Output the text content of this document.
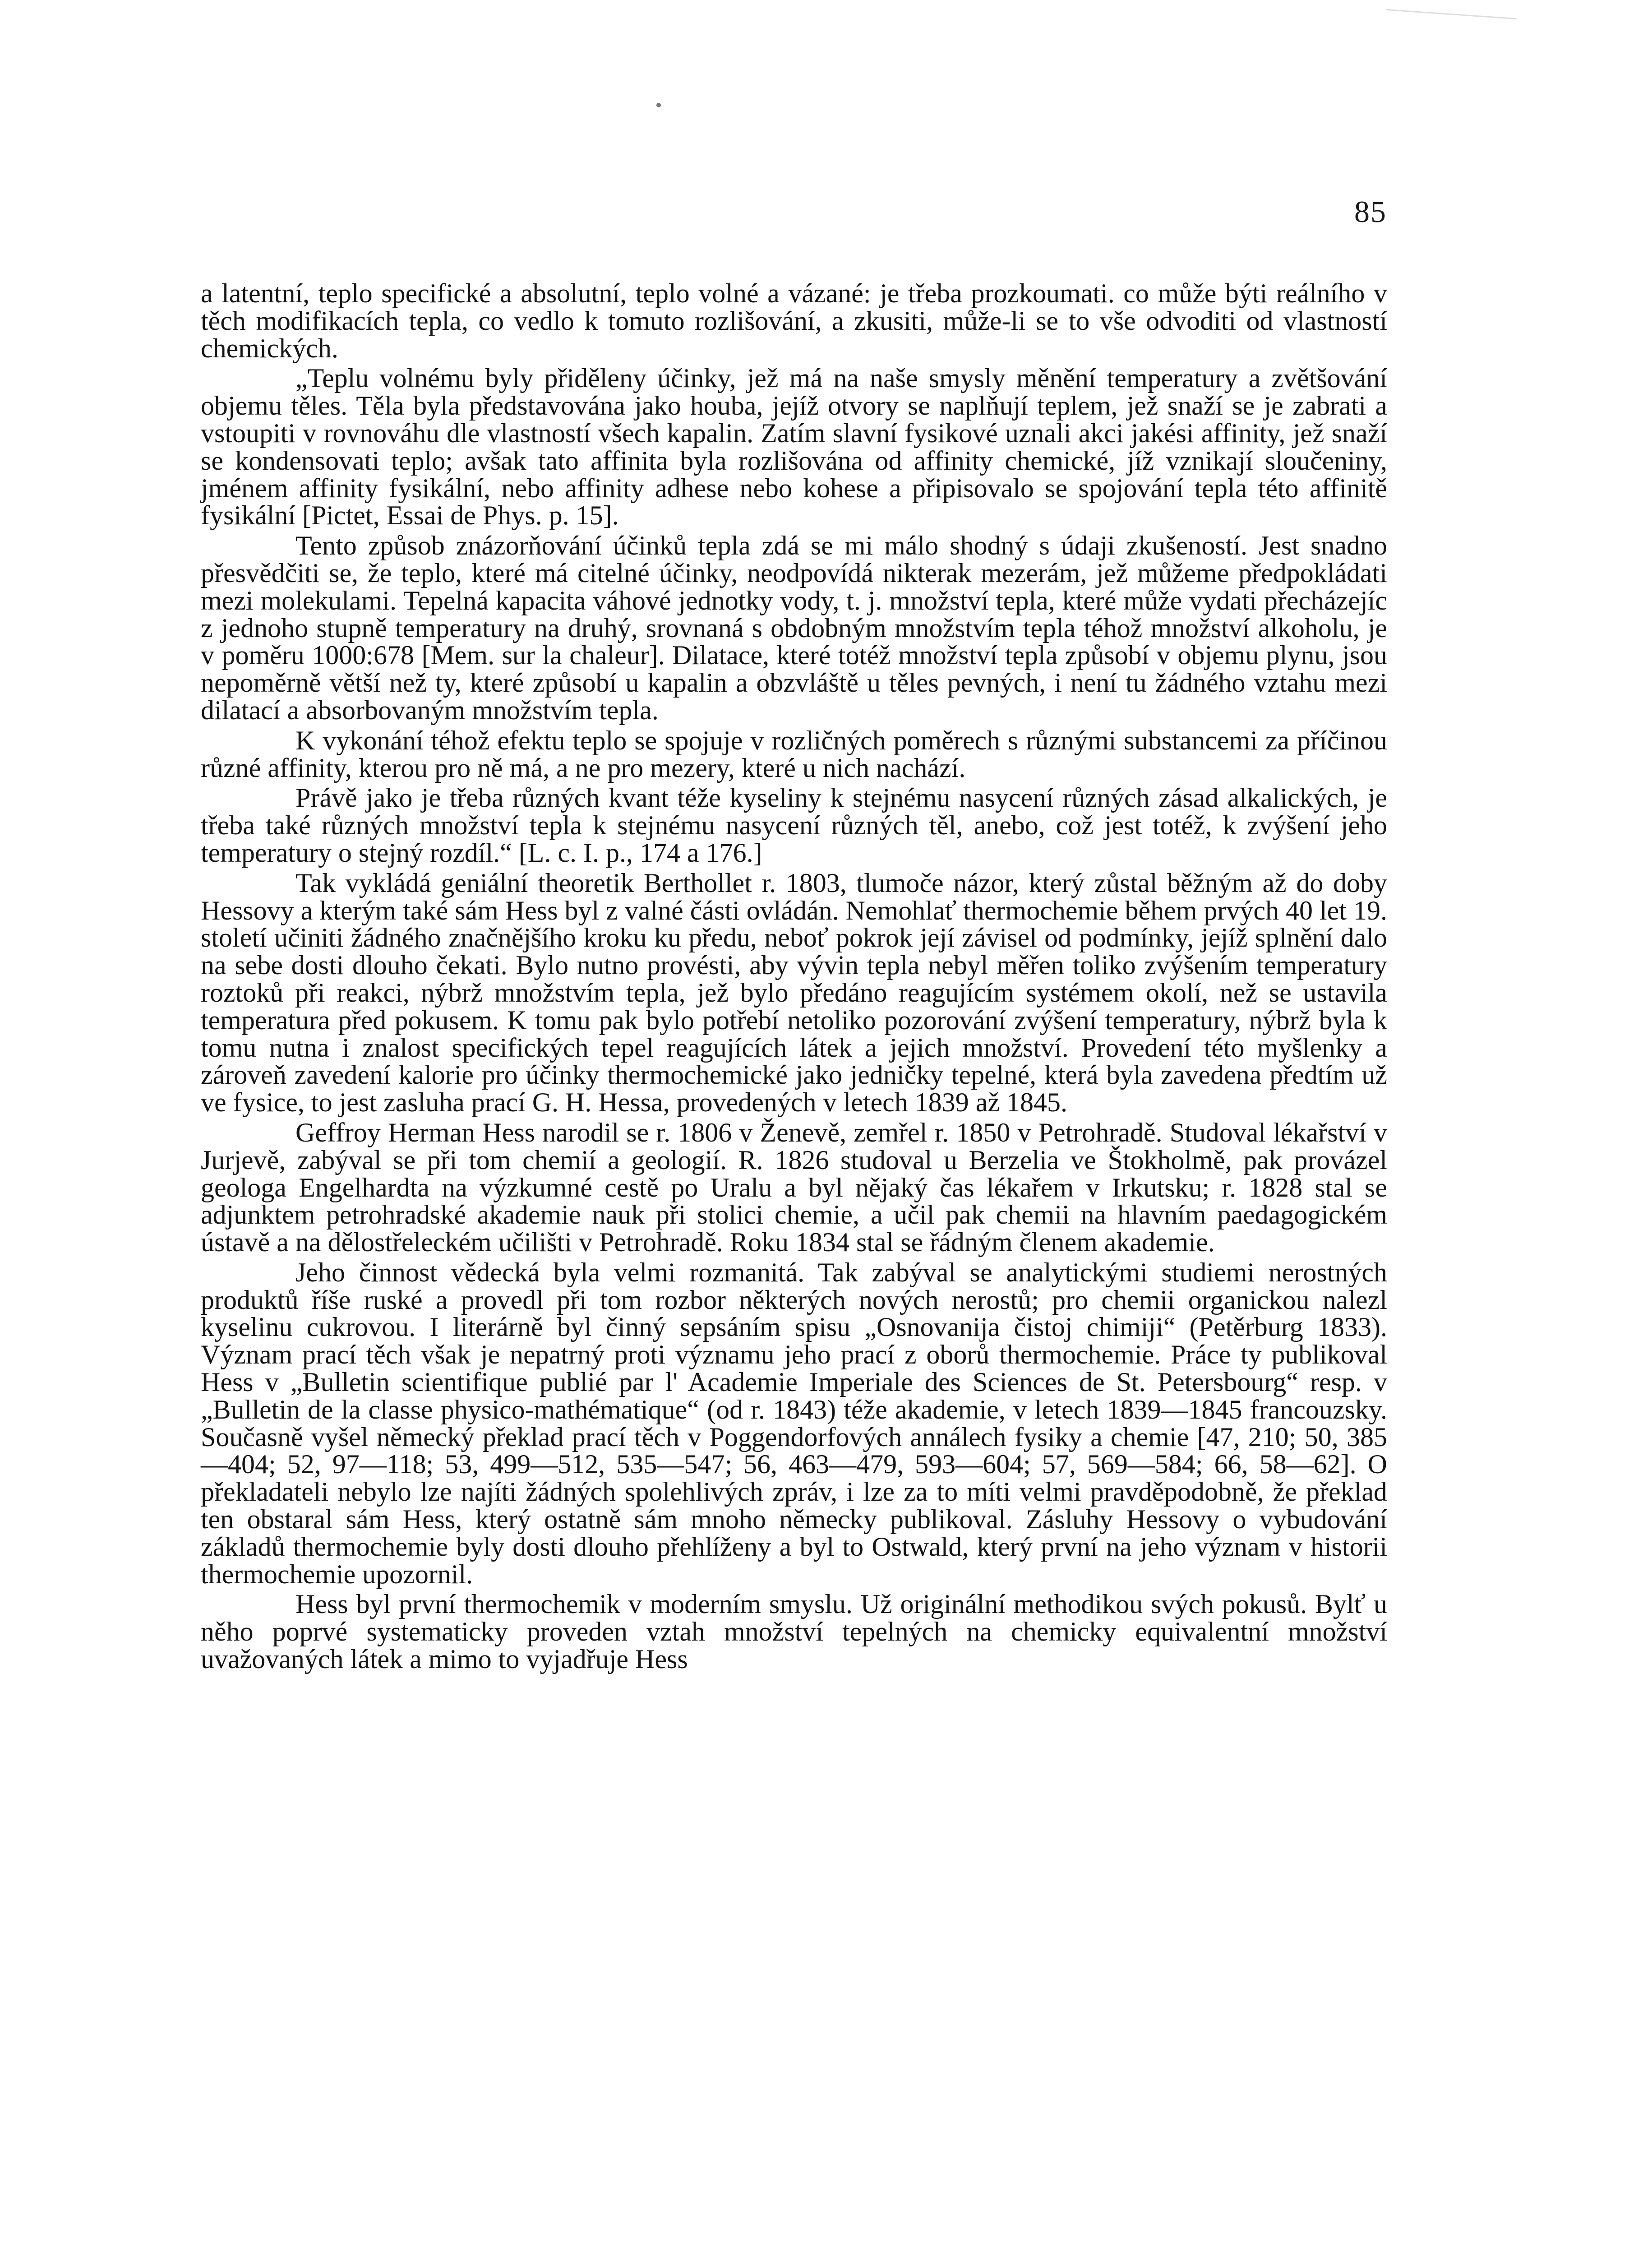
85

a latentní, teplo specifické a absolutní, teplo volné a vázané: je třeba prozkoumati. co může býti reálního v těch modifikacích tepla, co vedlo k tomuto rozlišování, a zkusiti, může-li se to vše odvoditi od vlastností chemických.

„Teplu volnému byly přiděleny účinky, jež má na naše smysly měnění temperatury a zvětšování objemu těles. Těla byla představována jako houba, jejíž otvory se naplňují teplem, jež snaží se je zabrati a vstoupiti v rovnováhu dle vlastností všech kapalin. Zatím slavní fysikové uznali akci jakési affinity, jež snaží se kondensovati teplo; avšak tato affinita byla rozlišována od affinity chemické, jíž vznikají sloučeniny, jménem affinity fysikální, nebo affinity adhese nebo kohese a připisovalo se spojování tepla této affinitě fysikální [Pictet, Essai de Phys. p. 15].

Tento způsob znázorňování účinků tepla zdá se mi málo shodný s údaji zkušeností. Jest snadno přesvědčiti se, že teplo, které má citelné účinky, neodpovídá nikterak mezerám, jež můžeme předpokládati mezi molekulami. Tepelná kapacita váhové jednotky vody, t. j. množství tepla, které může vydati přecházejíc z jednoho stupně temperatury na druhý, srovnaná s obdobným množstvím tepla téhož množství alkoholu, je v poměru 1000:678 [Mem. sur la chaleur]. Dilatace, které totéž množství tepla způsobí v objemu plynu, jsou nepoměrně větší než ty, které způsobí u kapalin a obzvláště u těles pevných, i není tu žádného vztahu mezi dilatací a absorbovaným množstvím tepla.

K vykonání téhož efektu teplo se spojuje v rozličných poměrech s různými substancemi za příčinou různé affinity, kterou pro ně má, a ne pro mezery, které u nich nachází.

Právě jako je třeba různých kvant téže kyseliny k stejnému nasycení různých zásad alkalických, je třeba také různých množství tepla k stejnému nasycení různých těl, anebo, což jest totéž, k zvýšení jeho temperatury o stejný rozdíl.“ [L. c. I. p., 174 a 176.]

Tak vykládá geniální theoretik Berthollet r. 1803, tlumoče názor, který zůstal běžným až do doby Hessovy a kterým také sám Hess byl z valné části ovládán. Nemohlať thermochemie během prvých 40 let 19. století učiniti žádného značnějšího kroku ku předu, neboť pokrok její závisel od podmínky, jejíž splnění dalo na sebe dosti dlouho čekati. Bylo nutno provésti, aby vývin tepla nebyl měřen toliko zvýšením temperatury roztoků při reakci, nýbrž množstvím tepla, jež bylo předáno reagujícím systémem okolí, než se ustavila temperatura před pokusem. K tomu pak bylo potřebí netoliko pozorování zvýšení temperatury, nýbrž byla k tomu nutna i znalost specifických tepel reagujících látek a jejich množství. Provedení této myšlenky a zároveň zavedení kalorie pro účinky thermochemické jako jedničky tepelné, která byla zavedena předtím už ve fysice, to jest zasluha prací G. H. Hessa, provedených v letech 1839 až 1845.

Geffroy Herman Hess narodil se r. 1806 v Ženevě, zemřel r. 1850 v Petrohradě. Studoval lékařství v Jurjevě, zabýval se při tom chemií a geologií. R. 1826 studoval u Berzelia ve Štokholmě, pak provázel geologa Engelhardta na výzkumné cestě po Uralu a byl nějaký čas lékařem v Irkutsku; r. 1828 stal se adjunktem petrohradské akademie nauk při stolici chemie, a učil pak chemii na hlavním paedagogickém ústavě a na dělostřeleckém učilišti v Petrohradě. Roku 1834 stal se řádným členem akademie.

Jeho činnost vědecká byla velmi rozmanitá. Tak zabýval se analytickými studiemi nerostných produktů říše ruské a provedl při tom rozbor některých nových nerostů; pro chemii organickou nalezl kyselinu cukrovou. I literárně byl činný sepsáním spisu „Osnovanija čistoj chimiji“ (Petěrburg 1833). Význam prací těch však je nepatrný proti významu jeho prací z oborů thermochemie. Práce ty publikoval Hess v „Bulletin scientifique publié par l' Academie Imperiale des Sciences de St. Petersbourg“ resp. v „Bulletin de la classe physico-mathématique“ (od r. 1843) téže akademie, v letech 1839—1845 francouzsky. Současně vyšel německý překlad prací těch v Poggendorfových annálech fysiky a chemie [47, 210; 50, 385—404; 52, 97—118; 53, 499—512, 535—547; 56, 463—479, 593—604; 57, 569—584; 66, 58—62]. O překladateli nebylo lze najíti žádných spolehlivých zpráv, i lze za to míti velmi pravděpodobně, že překlad ten obstaral sám Hess, který ostatně sám mnoho německy publikoval. Zásluhy Hessovy o vybudování základů thermochemie byly dosti dlouho přehlíženy a byl to Ostwald, který první na jeho význam v historii thermochemie upozornil.

Hess byl první thermochemik v moderním smyslu. Už originální methodikou svých pokusů. Bylť u něho poprvé systematicky proveden vztah množství tepelných na chemicky equivalentní množství uvažovaných látek a mimo to vyjadřuje Hess
